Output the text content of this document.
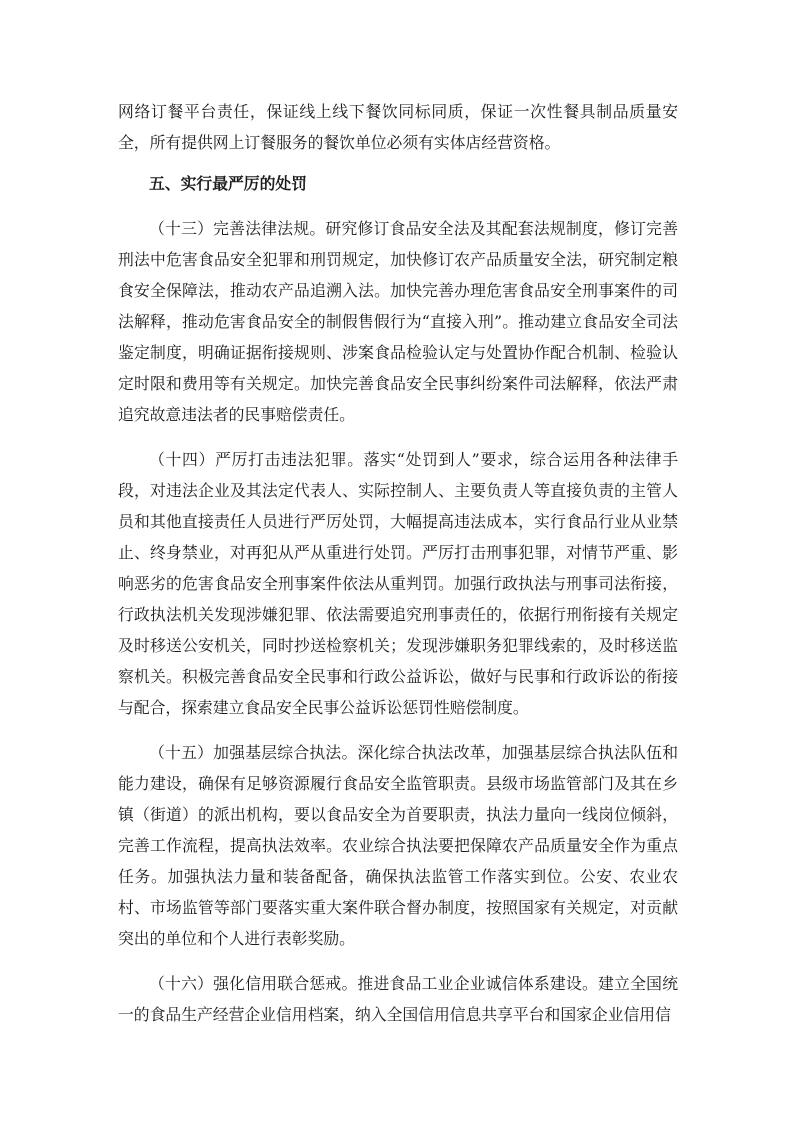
网络订餐平台责任，保证线上线下餐饮同标同质，保证一次性餐具制品质量安全，所有提供网上订餐服务的餐饮单位必须有实体店经营资格。

五、实行最严厉的处罚

（十三）完善法律法规。研究修订食品安全法及其配套法规制度，修订完善刑法中危害食品安全犯罪和刑罚规定，加快修订农产品质量安全法，研究制定粮食安全保障法，推动农产品追溯入法。加快完善办理危害食品安全刑事案件的司法解释，推动危害食品安全的制假售假行为“直接入刑”。推动建立食品安全司法鉴定制度，明确证据衔接规则、涉案食品检验认定与处置协作配合机制、检验认定时限和费用等有关规定。加快完善食品安全民事纠纷案件司法解释，依法严肃追究故意违法者的民事赔偿责任。

（十四）严厉打击违法犯罪。落实“处罚到人”要求，综合运用各种法律手段，对违法企业及其法定代表人、实际控制人、主要负责人等直接负责的主管人员和其他直接责任人员进行严厉处罚，大幅提高违法成本，实行食品行业从业禁止、终身禁业，对再犯从严从重进行处罚。严厉打击刑事犯罪，对情节严重、影响恶劣的危害食品安全刑事案件依法从重判罚。加强行政执法与刑事司法衔接，行政执法机关发现涉嫌犯罪、依法需要追究刑事责任的，依据行刑衔接有关规定及时移送公安机关，同时抄送检察机关；发现涉嫌职务犯罪线索的，及时移送监察机关。积极完善食品安全民事和行政公益诉讼，做好与民事和行政诉讼的衔接与配合，探索建立食品安全民事公益诉讼惩罚性赔偿制度。

（十五）加强基层综合执法。深化综合执法改革，加强基层综合执法队伍和能力建设，确保有足够资源履行食品安全监管职责。县级市场监管部门及其在乡镇（街道）的派出机构，要以食品安全为首要职责，执法力量向一线岗位倾斜，完善工作流程，提高执法效率。农业综合执法要把保障农产品质量安全作为重点任务。加强执法力量和装备配备，确保执法监管工作落实到位。公安、农业农村、市场监管等部门要落实重大案件联合督办制度，按照国家有关规定，对贡献突出的单位和个人进行表彰奖励。

（十六）强化信用联合惩戒。推进食品工业企业诚信体系建设。建立全国统一的食品生产经营企业信用档案，纳入全国信用信息共享平台和国家企业信用信
